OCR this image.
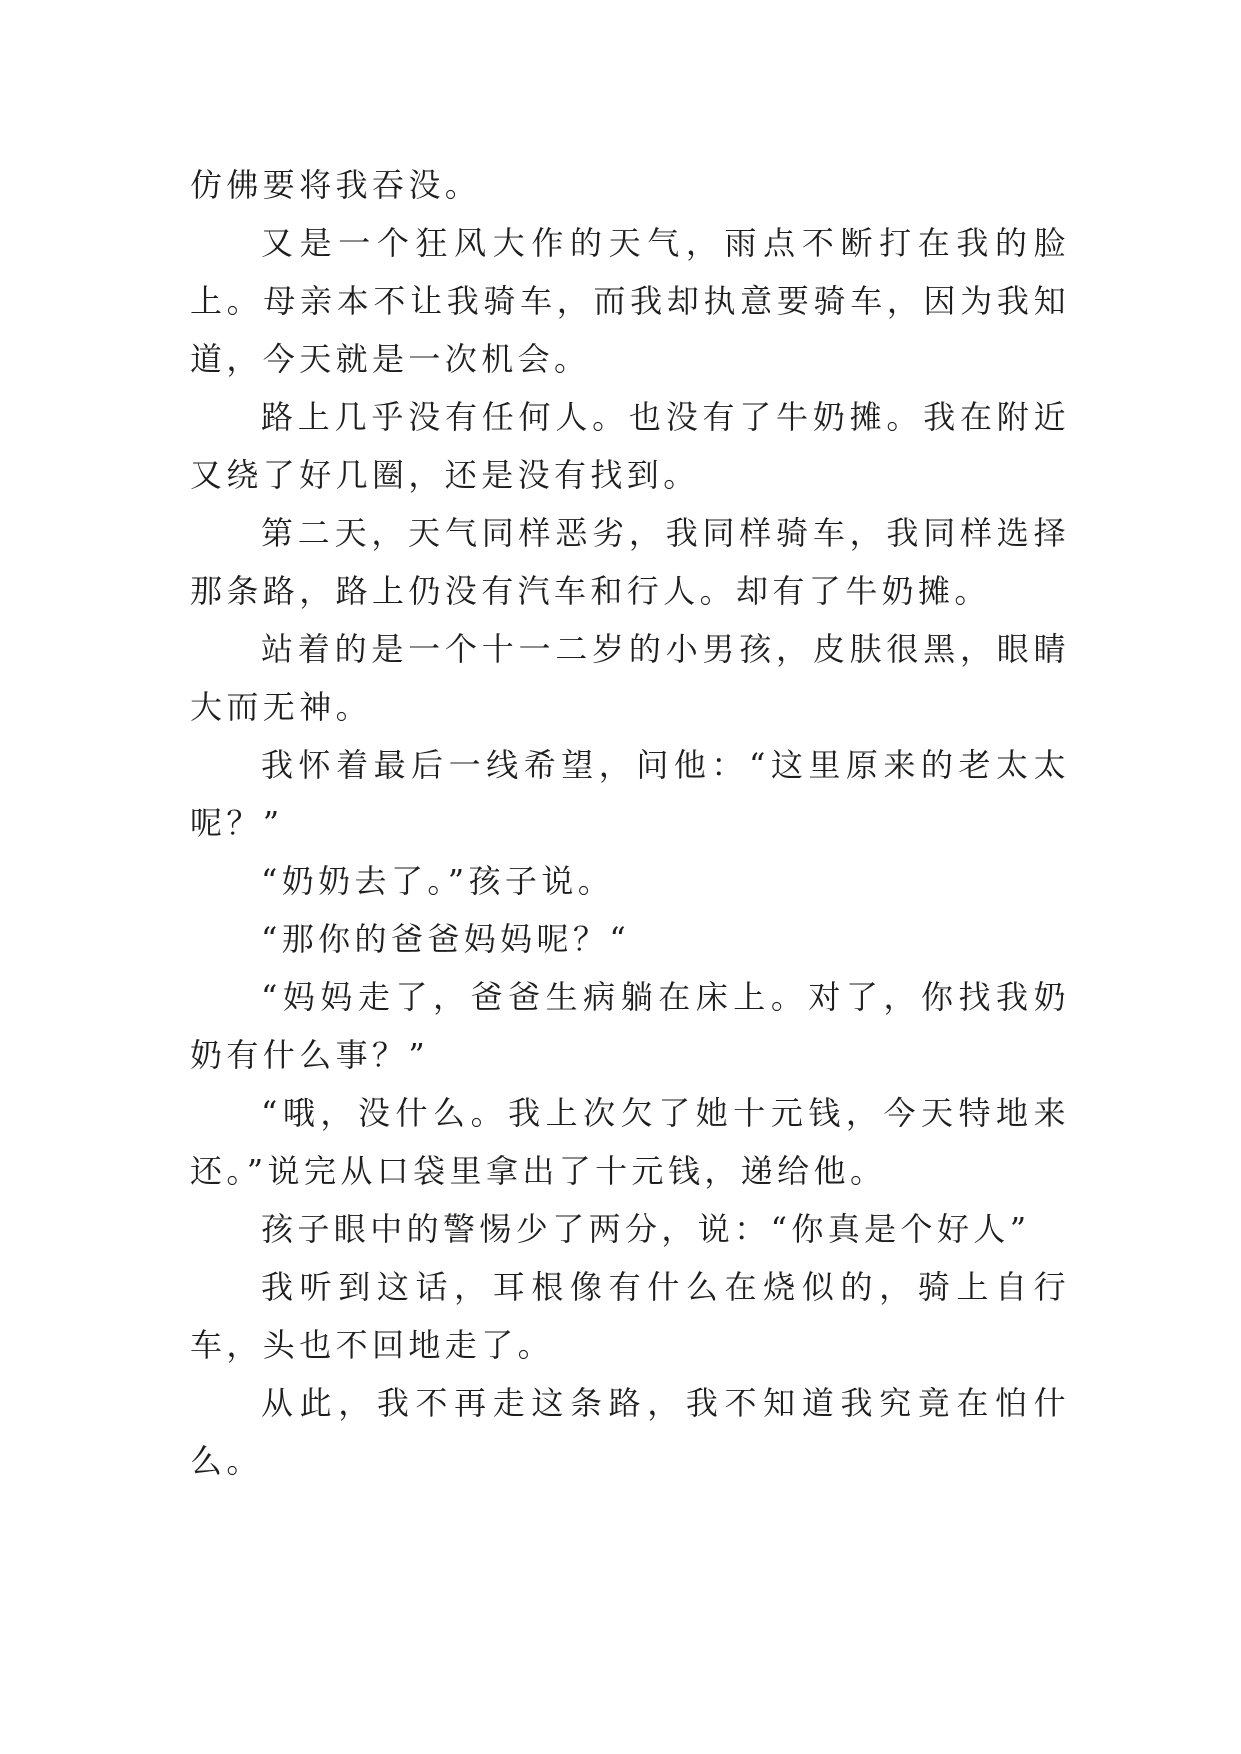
仿佛要将我吞没。

又是一个狂风大作的天气，雨点不断打在我的脸上。母亲本不让我骑车，而我却执意要骑车，因为我知道，今天就是一次机会。

路上几乎没有任何人。也没有了牛奶摊。我在附近又绕了好几圈，还是没有找到。

第二天，天气同样恶劣，我同样骑车，我同样选择那条路，路上仍没有汽车和行人。却有了牛奶摊。

站着的是一个十一二岁的小男孩，皮肤很黑，眼睛大而无神。

我怀着最后一线希望，问他：“这里原来的老太太呢？”

“奶奶去了。”孩子说。

“那你的爸爸妈妈呢？“

“妈妈走了，爸爸生病躺在床上。对了，你找我奶奶有什么事？”

“哦，没什么。我上次欠了她十元钱，今天特地来还。”说完从口袋里拿出了十元钱，递给他。

孩子眼中的警惕少了两分，说：“你真是个好人”

我听到这话，耳根像有什么在烧似的，骑上自行车，头也不回地走了。

从此，我不再走这条路，我不知道我究竟在怕什么。
